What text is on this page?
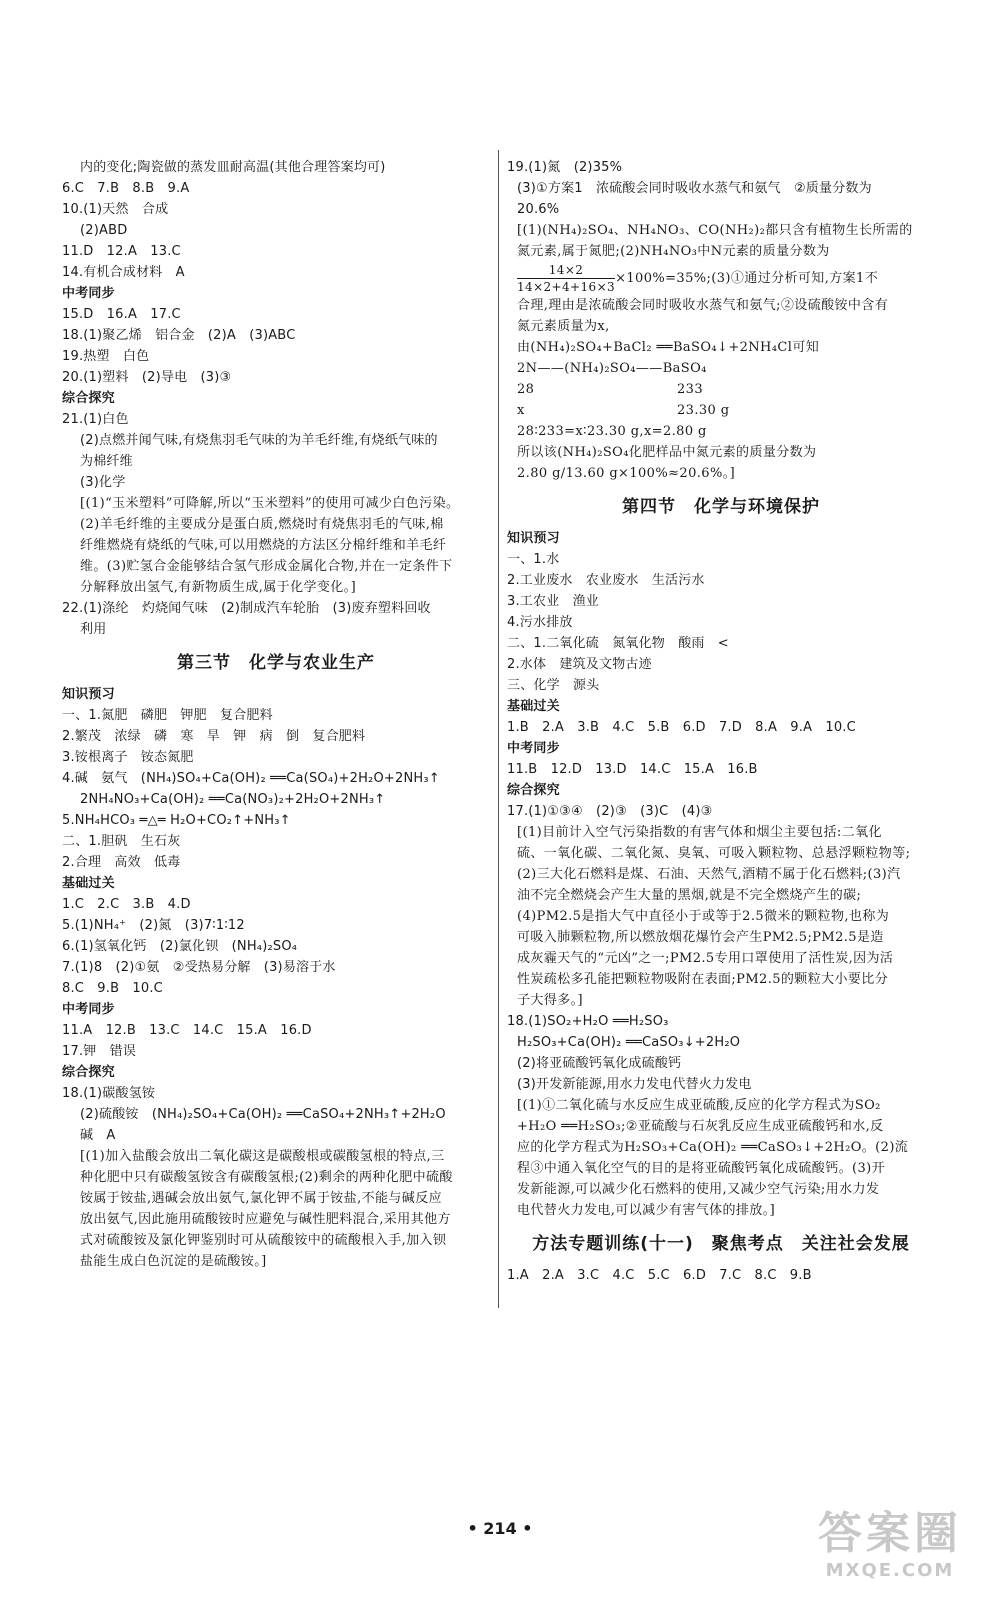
内的变化;陶瓷做的蒸发皿耐高温(其他合理答案均可)
6.C　7.B　8.B　9.A
10.(1)天然　合成
(2)ABD
11.D　12.A　13.C
14.有机合成材料　A
中考同步
15.D　16.A　17.C
18.(1)聚乙烯　铝合金　(2)A　(3)ABC
19.热塑　白色
20.(1)塑料　(2)导电　(3)③
综合探究
21.(1)白色
(2)点燃并闻气味,有烧焦羽毛气味的为羊毛纤维,有烧纸气味的
为棉纤维
(3)化学
[(1)“玉米塑料”可降解,所以“玉米塑料”的使用可减少白色污染。
(2)羊毛纤维的主要成分是蛋白质,燃烧时有烧焦羽毛的气味,棉
纤维燃烧有烧纸的气味,可以用燃烧的方法区分棉纤维和羊毛纤
维。(3)贮氢合金能够结合氢气形成金属化合物,并在一定条件下
分解释放出氢气,有新物质生成,属于化学变化。]
22.(1)涤纶　灼烧闻气味　(2)制成汽车轮胎　(3)废弃塑料回收
利用
第三节　化学与农业生产
知识预习
一、1.氮肥　磷肥　钾肥　复合肥料
2.繁茂　浓绿　磷　寒　旱　钾　病　倒　复合肥料
3.铵根离子　铵态氮肥
4.碱　氨气　(NH₄)SO₄+Ca(OH)₂ ══Ca(SO₄)+2H₂O+2NH₃↑
2NH₄NO₃+Ca(OH)₂ ══Ca(NO₃)₂+2H₂O+2NH₃↑
5.NH₄HCO₃ ═△═ H₂O+CO₂↑+NH₃↑
二、1.胆矾　生石灰
2.合理　高效　低毒
基础过关
1.C　2.C　3.B　4.D
5.(1)NH₄⁺　(2)氮　(3)7∶1∶12
6.(1)氢氧化钙　(2)氯化钡　(NH₄)₂SO₄
7.(1)8　(2)①氨　②受热易分解　(3)易溶于水
8.C　9.B　10.C
中考同步
11.A　12.B　13.C　14.C　15.A　16.D
17.钾　错误
综合探究
18.(1)碳酸氢铵
(2)硫酸铵　(NH₄)₂SO₄+Ca(OH)₂ ══CaSO₄+2NH₃↑+2H₂O
碱　A
[(1)加入盐酸会放出二氧化碳这是碳酸根或碳酸氢根的特点,三
种化肥中只有碳酸氢铵含有碳酸氢根;(2)剩余的两种化肥中硫酸
铵属于铵盐,遇碱会放出氨气,氯化钾不属于铵盐,不能与碱反应
放出氨气,因此施用硫酸铵时应避免与碱性肥料混合,采用其他方
式对硫酸铵及氯化钾鉴别时可从硫酸铵中的硫酸根入手,加入钡
盐能生成白色沉淀的是硫酸铵。]
19.(1)氮　(2)35%
(3)①方案1　浓硫酸会同时吸收水蒸气和氨气　②质量分数为
20.6%
[(1)(NH₄)₂SO₄、NH₄NO₃、CO(NH₂)₂都只含有植物生长所需的
氮元素,属于氮肥;(2)NH₄NO₃中N元素的质量分数为
$\frac{14\times 2}{14\times 2+4+16\times 3}$ ×100%=35%;(3)①通过分析可知,方案1不
合理,理由是浓硫酸会同时吸收水蒸气和氨气;②设硫酸铵中含有
氮元素质量为x,
由(NH₄)₂SO₄+BaCl₂ ══BaSO₄↓+2NH₄Cl可知
2N——(NH₄)₂SO₄——BaSO₄
28	233
x	23.30 g
28∶233=x∶23.30 g,x=2.80 g
所以该(NH₄)₂SO₄化肥样品中氮元素的质量分数为
2.80 g/13.60 g×100%≈20.6%。]
第四节　化学与环境保护
知识预习
一、1.水
2.工业废水　农业废水　生活污水
3.工农业　渔业
4.污水排放
二、1.二氧化硫　氮氧化物　酸雨　<
2.水体　建筑及文物古迹
三、化学　源头
基础过关
1.B　2.A　3.B　4.C　5.B　6.D　7.D　8.A　9.A　10.C
中考同步
11.B　12.D　13.D　14.C　15.A　16.B
综合探究
17.(1)①③④　(2)③　(3)C　(4)③
[(1)目前计入空气污染指数的有害气体和烟尘主要包括:二氧化
硫、一氧化碳、二氧化氮、臭氧、可吸入颗粒物、总悬浮颗粒物等;
(2)三大化石燃料是煤、石油、天然气,酒精不属于化石燃料;(3)汽
油不完全燃烧会产生大量的黑烟,就是不完全燃烧产生的碳;
(4)PM2.5是指大气中直径小于或等于2.5微米的颗粒物,也称为
可吸入肺颗粒物,所以燃放烟花爆竹会产生PM2.5;PM2.5是造
成灰霾天气的“元凶”之一;PM2.5专用口罩使用了活性炭,因为活
性炭疏松多孔能把颗粒物吸附在表面;PM2.5的颗粒大小要比分
子大得多。]
18.(1)SO₂+H₂O ══H₂SO₃
H₂SO₃+Ca(OH)₂ ══CaSO₃↓+2H₂O
(2)将亚硫酸钙氧化成硫酸钙
(3)开发新能源,用水力发电代替火力发电
[(1)①二氧化硫与水反应生成亚硫酸,反应的化学方程式为SO₂
+H₂O ══H₂SO₃;②亚硫酸与石灰乳反应生成亚硫酸钙和水,反
应的化学方程式为H₂SO₃+Ca(OH)₂ ══CaSO₃↓+2H₂O。(2)流
程③中通入氧化空气的目的是将亚硫酸钙氧化成硫酸钙。(3)开
发新能源,可以减少化石燃料的使用,又减少空气污染;用水力发
电代替火力发电,可以减少有害气体的排放。]
方法专题训练(十一)　聚焦考点　关注社会发展
1.A　2.A　3.C　4.C　5.C　6.D　7.C　8.C　9.B
• 214 •	答案圈
MXQE.COM
